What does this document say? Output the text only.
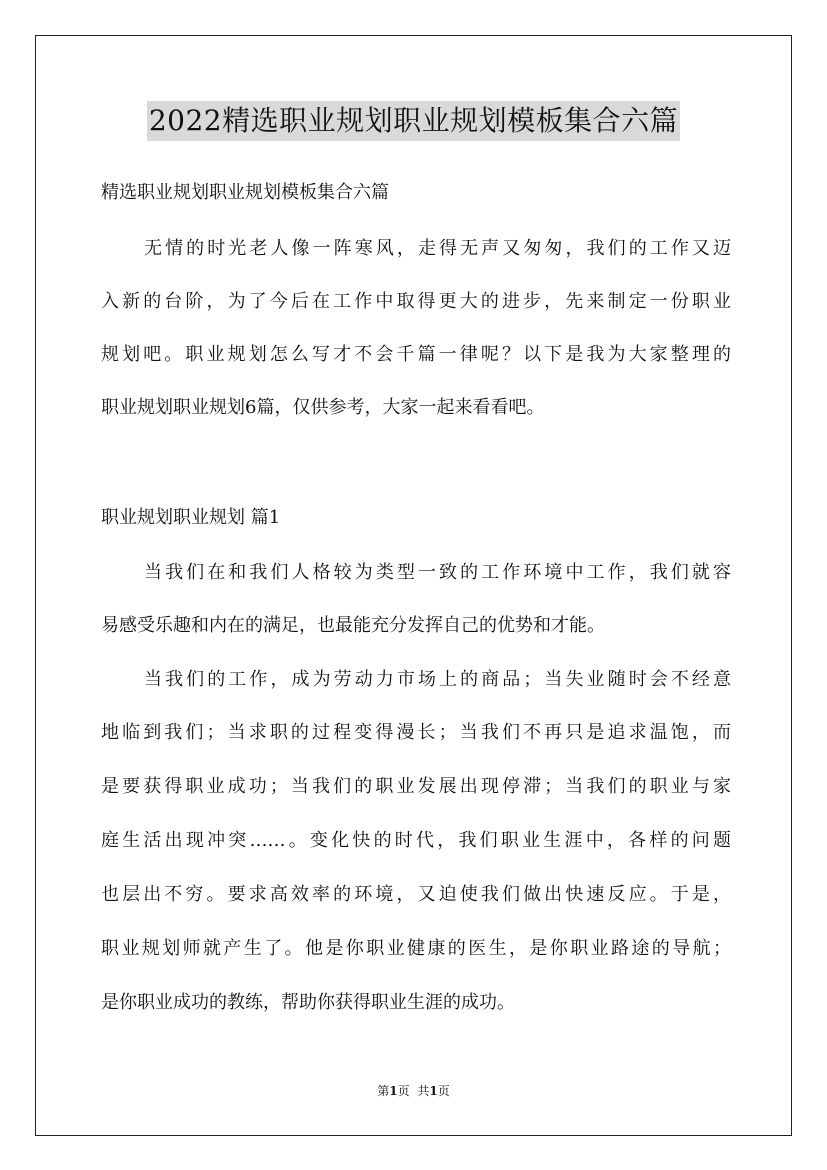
2022精选职业规划职业规划模板集合六篇
精选职业规划职业规划模板集合六篇
无情的时光老人像一阵寒风，走得无声又匆匆，我们的工作又迈
入新的台阶，为了今后在工作中取得更大的进步，先来制定一份职业
规划吧。职业规划怎么写才不会千篇一律呢？以下是我为大家整理的
职业规划职业规划6篇，仅供参考，大家一起来看看吧。
职业规划职业规划 篇1
当我们在和我们人格较为类型一致的工作环境中工作，我们就容
易感受乐趣和内在的满足，也最能充分发挥自己的优势和才能。
当我们的工作，成为劳动力市场上的商品；当失业随时会不经意
地临到我们；当求职的过程变得漫长；当我们不再只是追求温饱，而
是要获得职业成功；当我们的职业发展出现停滞；当我们的职业与家
庭生活出现冲突……。变化快的时代，我们职业生涯中，各样的问题
也层出不穷。要求高效率的环境，又迫使我们做出快速反应。于是，
职业规划师就产生了。他是你职业健康的医生，是你职业路途的导航；
是你职业成功的教练，帮助你获得职业生涯的成功。
第1页 共1页
